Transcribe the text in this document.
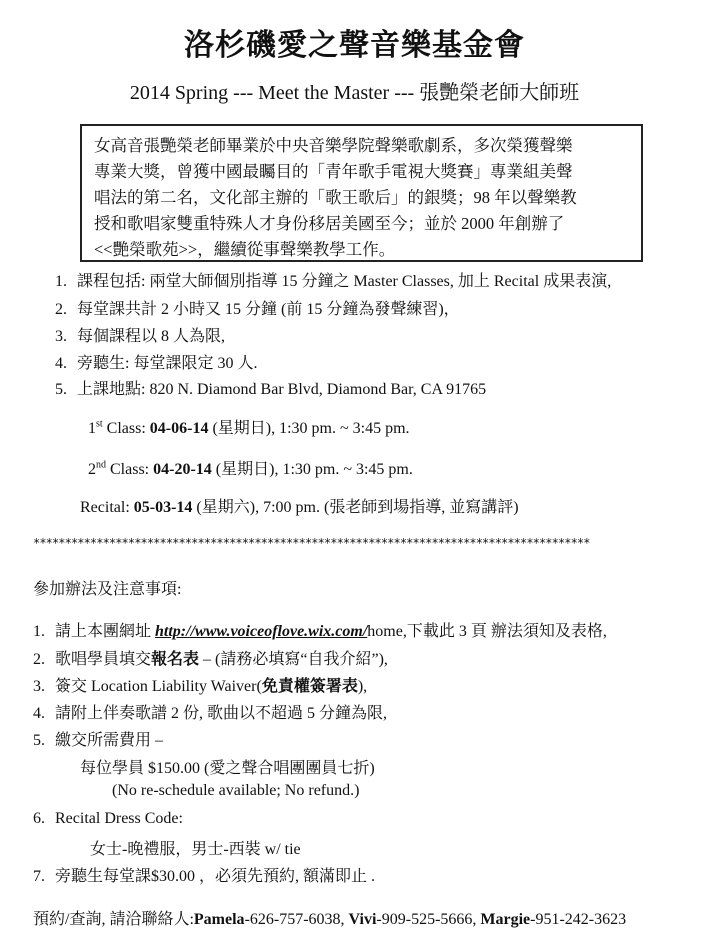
洛杉磯愛之聲音樂基金會
2014 Spring --- Meet the Master --- 張艷榮老師大師班
女高音張艷榮老師畢業於中央音樂學院聲樂歌劇系，多次榮獲聲樂
專業大獎，曾獲中國最矚目的「青年歌手電視大獎賽」專業組美聲
唱法的第二名，文化部主辦的「歌王歌后」的銀獎；98 年以聲樂教
授和歌唱家雙重特殊人才身份移居美國至今；並於 2000 年創辦了
<<艷榮歌苑>>，繼續從事聲樂教學工作。
1. 課程包括: 兩堂大師個別指導 15 分鐘之 Master Classes, 加上 Recital 成果表演,
2. 每堂課共計 2 小時又 15 分鐘 (前 15 分鐘為發聲練習)，
3. 每個課程以 8 人為限,
4. 旁聽生: 每堂課限定 30 人.
5. 上課地點: 820 N. Diamond Bar Blvd, Diamond Bar, CA 91765
1st Class: 04-06-14 (星期日), 1:30 pm. ~ 3:45 pm.
2nd Class: 04-20-14 (星期日), 1:30 pm. ~ 3:45 pm.
Recital: 05-03-14 (星期六), 7:00 pm. (張老師到場指導, 並寫講評)
****************************************************************************************
參加辦法及注意事項:
1. 請上本團網址 http://www.voiceoflove.wix.com/home,下載此 3 頁 辦法須知及表格,
2. 歌唱學員填交報名表 – (請務必填寫“自我介紹”),
3. 簽交 Location Liability Waiver(免責權簽署表),
4. 請附上伴奏歌譜 2 份, 歌曲以不超過 5 分鐘為限,
5. 繳交所需費用 –
每位學員 $150.00 (愛之聲合唱團團員七折)
(No re-schedule available; No refund.)
6. Recital Dress Code:
女士-晚禮服，男士-西裝 w/ tie
7. 旁聽生每堂課$30.00 ，必須先預約, 額滿即止 .
預約/查詢, 請洽聯絡人:Pamela-626-757-6038, Vivi-909-525-5666, Margie-951-242-3623
